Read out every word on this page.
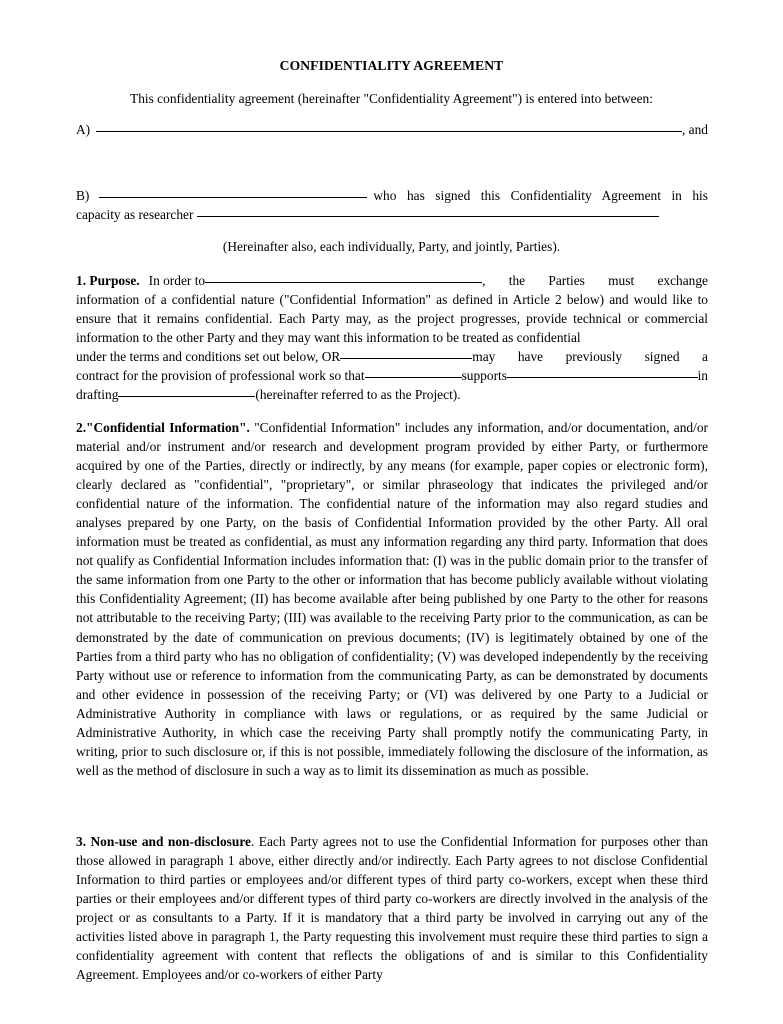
CONFIDENTIALITY AGREEMENT
This confidentiality agreement (hereinafter "Confidentiality Agreement") is entered into between:
A)	, and
B)	who has signed this Confidentiality Agreement in his
capacity as researcher
(Hereinafter also, each individually, Party, and jointly, Parties).
1. Purpose. In order to	, the Parties must exchange
information of a confidential nature ("Confidential Information" as defined in Article 2 below) and would like to ensure that it remains confidential. Each Party may, as the project progresses, provide technical or commercial information to the other Party and they may want this information to be treated as confidential
under the terms and conditions set out below, OR	may have previously signed a
contract for the provision of professional work so that	supports	in
drafting	(hereinafter referred to as the Project).
2."Confidential Information". "Confidential Information" includes any information, and/or documentation, and/or material and/or instrument and/or research and development program provided by either Party, or furthermore acquired by one of the Parties, directly or indirectly, by any means (for example, paper copies or electronic form), clearly declared as "confidential", "proprietary", or similar phraseology that indicates the privileged and/or confidential nature of the information. The confidential nature of the information may also regard studies and analyses prepared by one Party, on the basis of Confidential Information provided by the other Party. All oral information must be treated as confidential, as must any information regarding any third party. Information that does not qualify as Confidential Information includes information that: (I) was in the public domain prior to the transfer of the same information from one Party to the other or information that has become publicly available without violating this Confidentiality Agreement; (II) has become available after being published by one Party to the other for reasons not attributable to the receiving Party; (III) was available to the receiving Party prior to the communication, as can be demonstrated by the date of communication on previous documents; (IV) is legitimately obtained by one of the Parties from a third party who has no obligation of confidentiality; (V) was developed independently by the receiving Party without use or reference to information from the communicating Party, as can be demonstrated by documents and other evidence in possession of the receiving Party; or (VI) was delivered by one Party to a Judicial or Administrative Authority in compliance with laws or regulations, or as required by the same Judicial or Administrative Authority, in which case the receiving Party shall promptly notify the communicating Party, in writing, prior to such disclosure or, if this is not possible, immediately following the disclosure of the information, as well as the method of disclosure in such a way as to limit its dissemination as much as possible.
3. Non-use and non-disclosure. Each Party agrees not to use the Confidential Information for purposes other than those allowed in paragraph 1 above, either directly and/or indirectly. Each Party agrees to not disclose Confidential Information to third parties or employees and/or different types of third party co-workers, except when these third parties or their employees and/or different types of third party co-workers are directly involved in the analysis of the project or as consultants to a Party. If it is mandatory that a third party be involved in carrying out any of the activities listed above in paragraph 1, the Party requesting this involvement must require these third parties to sign a confidentiality agreement with content that reflects the obligations of and is similar to this Confidentiality Agreement. Employees and/or co-workers of either Party
